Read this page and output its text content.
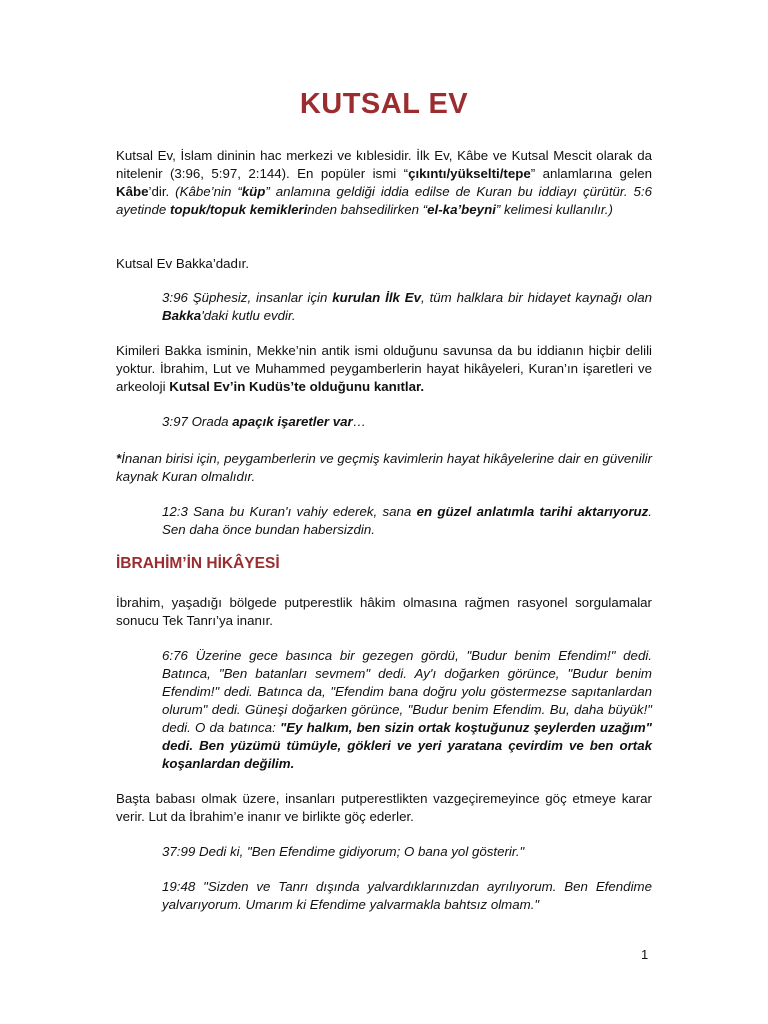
KUTSAL EV

Kutsal Ev, İslam dininin hac merkezi ve kıblesidir. İlk Ev, Kâbe ve Kutsal Mescit olarak da nitelenir (3:96, 5:97, 2:144). En popüler ismi “çıkıntı/yükselti/tepe” anlamlarına gelen Kâbe’dir. (Kâbe’nin “küp” anlamına geldiği iddia edilse de Kuran bu iddiayı çürütür. 5:6 ayetinde topuk/topuk kemiklerinden bahsedilirken “el-ka’beyni” kelimesi kullanılır.)

Kutsal Ev Bakka’dadır.

3:96 Şüphesiz, insanlar için kurulan İlk Ev, tüm halklara bir hidayet kaynağı olan Bakka'daki kutlu evdir.

Kimileri Bakka isminin, Mekke’nin antik ismi olduğunu savunsa da bu iddianın hiçbir delili yoktur. İbrahim, Lut ve Muhammed peygamberlerin hayat hikâyeleri, Kuran’ın işaretleri ve arkeoloji Kutsal Ev’in Kudüs’te olduğunu kanıtlar.

3:97 Orada apaçık işaretler var…

*İnanan birisi için, peygamberlerin ve geçmiş kavimlerin hayat hikâyelerine dair en güvenilir kaynak Kuran olmalıdır.

12:3 Sana bu Kuran'ı vahiy ederek, sana en güzel anlatımla tarihi aktarıyoruz. Sen daha önce bundan habersizdin.

İBRAHİM’İN HİKÂYESİ

İbrahim, yaşadığı bölgede putperestlik hâkim olmasına rağmen rasyonel sorgulamalar sonucu Tek Tanrı’ya inanır.

6:76 Üzerine gece basınca bir gezegen gördü, "Budur benim Efendim!" dedi. Batınca, "Ben batanları sevmem" dedi. Ay'ı doğarken görünce, "Budur benim Efendim!" dedi. Batınca da, "Efendim bana doğru yolu göstermezse sapıtanlardan olurum" dedi. Güneşi doğarken görünce, "Budur benim Efendim. Bu, daha büyük!" dedi. O da batınca: "Ey halkım, ben sizin ortak koştuğunuz şeylerden uzağım" dedi. Ben yüzümü tümüyle, gökleri ve yeri yaratana çevirdim ve ben ortak koşanlardan değilim.

Başta babası olmak üzere, insanları putperestlikten vazgeçiremeyince göç etmeye karar verir. Lut da İbrahim’e inanır ve birlikte göç ederler.

37:99 Dedi ki, "Ben Efendime gidiyorum; O bana yol gösterir."

19:48 "Sizden ve Tanrı dışında yalvardıklarınızdan ayrılıyorum. Ben Efendime yalvarıyorum. Umarım ki Efendime yalvarmakla bahtsız olmam."

1
